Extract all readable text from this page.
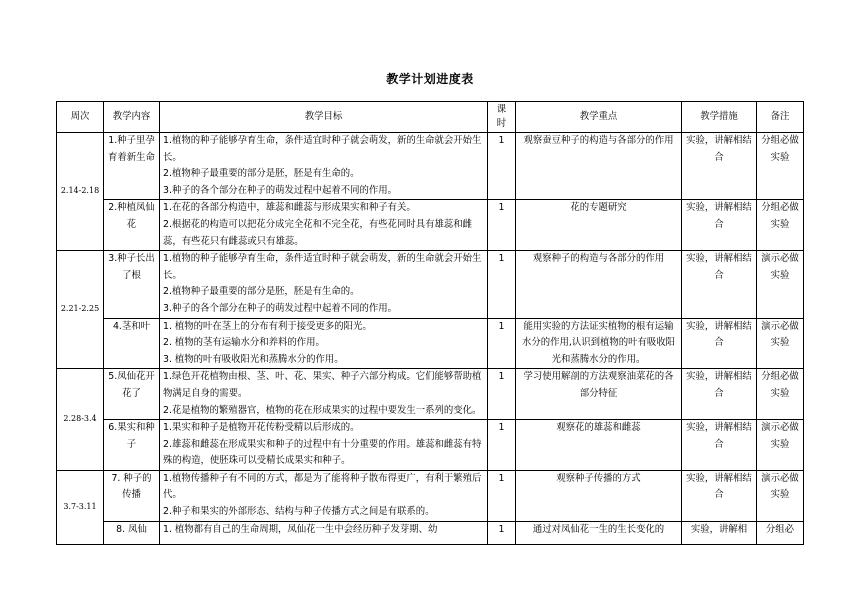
教学计划进度表
周次	教学内容	教学目标	课时	教学重点	教学措施	备注
2.14-2.18	1.种子里孕育着新生命	1.植物的种子能够孕育生命，条件适宜时种子就会萌发，新的生命就会开始生长。
2.植物种子最重要的部分是胚，胚是有生命的。
3.种子的各个部分在种子的萌发过程中起着不同的作用。	1	观察蚕豆种子的构造与各部分的作用	实验，讲解相结合	分组必做实验
	2.种植凤仙花	1.在花的各部分构造中，雄蕊和雌蕊与形成果实和种子有关。
2.根据花的构造可以把花分成完全花和不完全花，有些花同时具有雄蕊和雌蕊，有些花只有雌蕊或只有雄蕊。	1	花的专题研究	实验，讲解相结合	分组必做实验
2.21-2.25	3.种子长出了根	1.植物的种子能够孕育生命，条件适宜时种子就会萌发，新的生命就会开始生长。
2.植物种子最重要的部分是胚，胚是有生命的。
3.种子的各个部分在种子的萌发过程中起着不同的作用。	1	观察种子的构造与各部分的作用	实验，讲解相结合	演示必做实验
	4.茎和叶	1. 植物的叶在茎上的分布有利于接受更多的阳光。
2. 植物的茎有运输水分和养料的作用。
3. 植物的叶有吸收阳光和蒸腾水分的作用。	1	能用实验的方法证实植物的根有运输水分的作用,认识到植物的叶有吸收阳光和蒸腾水分的作用。	实验，讲解相结合	演示必做实验
2.28-3.4	5.凤仙花开花了	1.绿色开花植物由根、茎、叶、花、果实、种子六部分构成。它们能够帮助植物满足自身的需要。
2.花是植物的繁殖器官，植物的花在形成果实的过程中要发生一系列的变化。	1	学习使用解剖的方法观察油菜花的各部分特征	实验，讲解相结合	分组必做实验
	6.果实和种子	1.果实和种子是植物开花传粉受精以后形成的。
2.雄蕊和雌蕊在形成果实和种子的过程中有十分重要的作用。雄蕊和雌蕊有特殊的构造，使胚珠可以受精长成果实和种子。	1	观察花的雄蕊和雌蕊	实验，讲解相结合	演示必做实验
3.7-3.11	7. 种子的传播	1.植物传播种子有不同的方式，都是为了能将种子散布得更广，有利于繁殖后代。
2.种子和果实的外部形态、结构与种子传播方式之间是有联系的。	1	观察种子传播的方式	实验，讲解相结合	演示必做实验
	8. 凤仙	1. 植物都有自己的生命周期，凤仙花一生中会经历种子发芽期、幼	1	通过对凤仙花一生的生长变化的	实验，讲解相	分组必
